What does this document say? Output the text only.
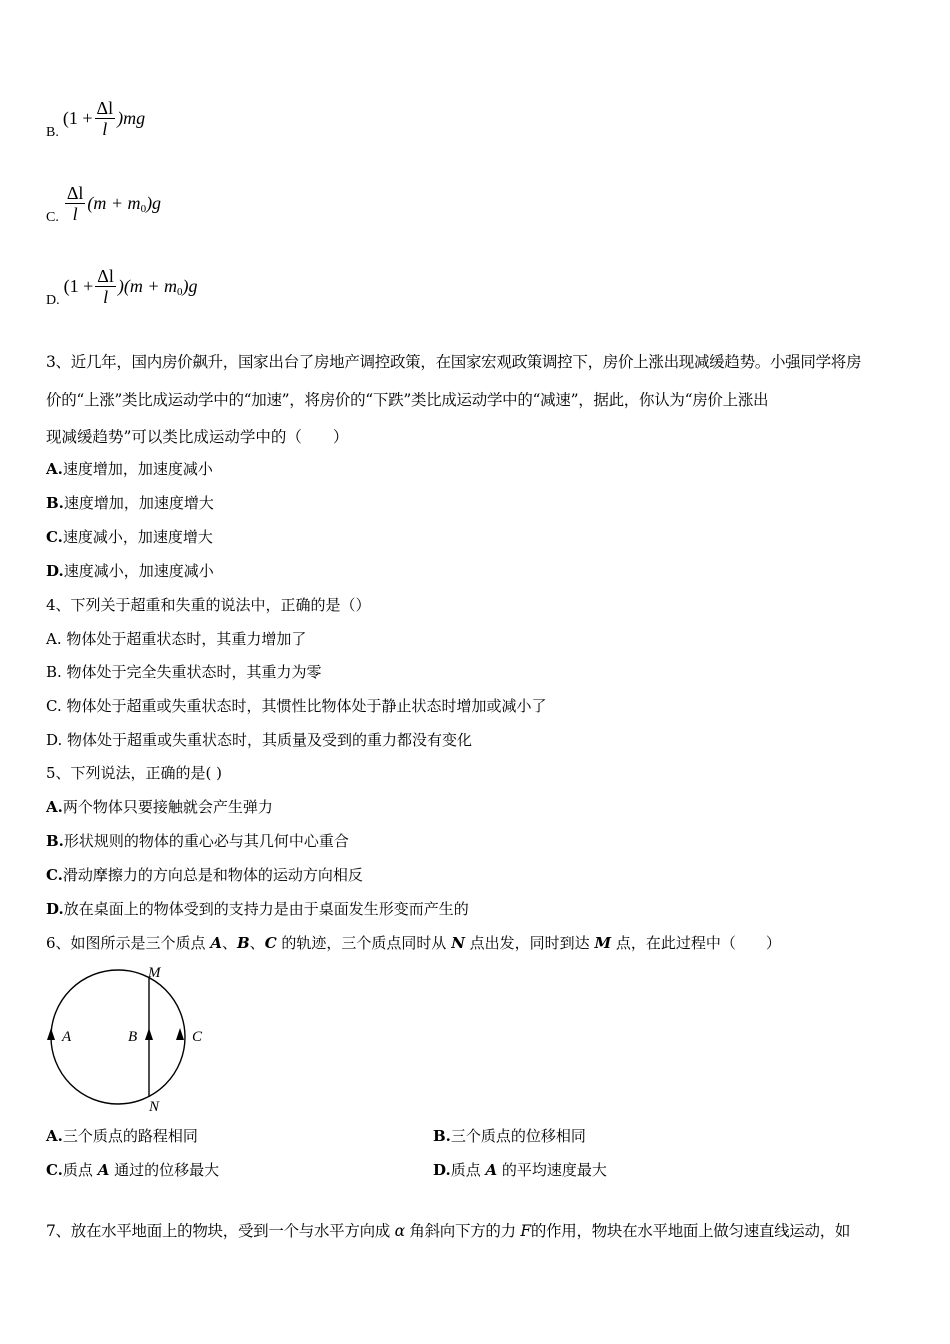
B.
$(1 + \frac{\Delta l}{l} )mg$
C. $\frac{\Delta l}{l} (m + m$ 0 )g
D.
$(1 + \frac{\Delta l}{l} )(m + m$ 0 )g
3、近几年，国内房价飙升，国家出台了房地产调控政策，在国家宏观政策调控下，房价上涨出现减缓趋势。小强同学将房
价的“上涨”类比成运动学中的“加速”，将房价的“下跌”类比成运动学中的“减速”，据此，你认为“房价上涨出
现减缓趋势”可以类比成运动学中的（　　）
A.速度增加，加速度减小
B.速度增加，加速度增大
C.速度减小，加速度增大
D.速度减小，加速度减小
4、下列关于超重和失重的说法中，正确的是（）
A. 物体处于超重状态时，其重力增加了
B. 物体处于完全失重状态时，其重力为零
C. 物体处于超重或失重状态时，其惯性比物体处于静止状态时增加或减小了
D. 物体处于超重或失重状态时，其质量及受到的重力都没有变化
5、下列说法，正确的是( )
A.两个物体只要接触就会产生弹力
B.形状规则的物体的重心必与其几何中心重合
C.滑动摩擦力的方向总是和物体的运动方向相反
D.放在桌面上的物体受到的支持力是由于桌面发生形变而产生的
6、如图所示是三个质点 A、B、C 的轨迹，三个质点同时从 N 点出发，同时到达 M 点，在此过程中（　　）
M
N
A	B	C
A.三个质点的路程相同	B.三个质点的位移相同
C.质点 A 通过的位移最大	D.质点 A 的平均速度最大
7、放在水平地面上的物块，受到一个与水平方向成 α 角斜向下方的力 F的作用，物块在水平地面上做匀速直线运动，如
